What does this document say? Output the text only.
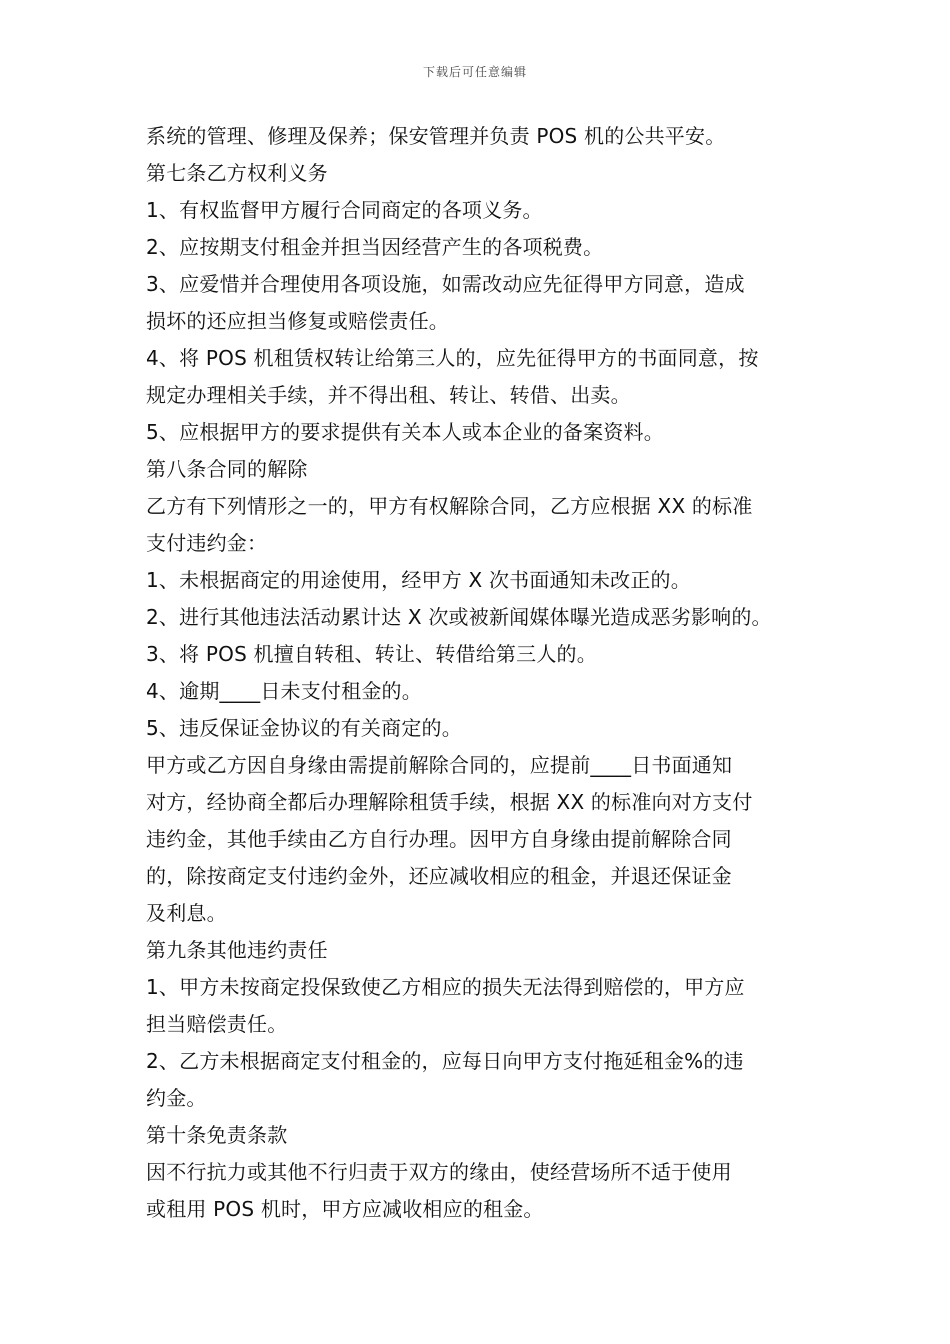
下载后可任意编辑
系统的管理、修理及保养；保安管理并负责 POS 机的公共平安。
第七条乙方权利义务
1、有权监督甲方履行合同商定的各项义务。
2、应按期支付租金并担当因经营产生的各项税费。
3、应爱惜并合理使用各项设施，如需改动应先征得甲方同意，造成
损坏的还应担当修复或赔偿责任。
4、将 POS 机租赁权转让给第三人的，应先征得甲方的书面同意，按
规定办理相关手续，并不得出租、转让、转借、出卖。
5、应根据甲方的要求提供有关本人或本企业的备案资料。
第八条合同的解除
乙方有下列情形之一的，甲方有权解除合同，乙方应根据 XX 的标准
支付违约金：
1、未根据商定的用途使用，经甲方 X 次书面通知未改正的。
2、进行其他违法活动累计达 X 次或被新闻媒体曝光造成恶劣影响的。
3、将 POS 机擅自转租、转让、转借给第三人的。
4、逾期____日未支付租金的。
5、违反保证金协议的有关商定的。
甲方或乙方因自身缘由需提前解除合同的，应提前____日书面通知
对方，经协商全都后办理解除租赁手续，根据 XX 的标准向对方支付
违约金，其他手续由乙方自行办理。因甲方自身缘由提前解除合同
的，除按商定支付违约金外，还应减收相应的租金，并退还保证金
及利息。
第九条其他违约责任
1、甲方未按商定投保致使乙方相应的损失无法得到赔偿的，甲方应
担当赔偿责任。
2、乙方未根据商定支付租金的，应每日向甲方支付拖延租金%的违
约金。
第十条免责条款
因不行抗力或其他不行归责于双方的缘由，使经营场所不适于使用
或租用 POS 机时，甲方应减收相应的租金。
